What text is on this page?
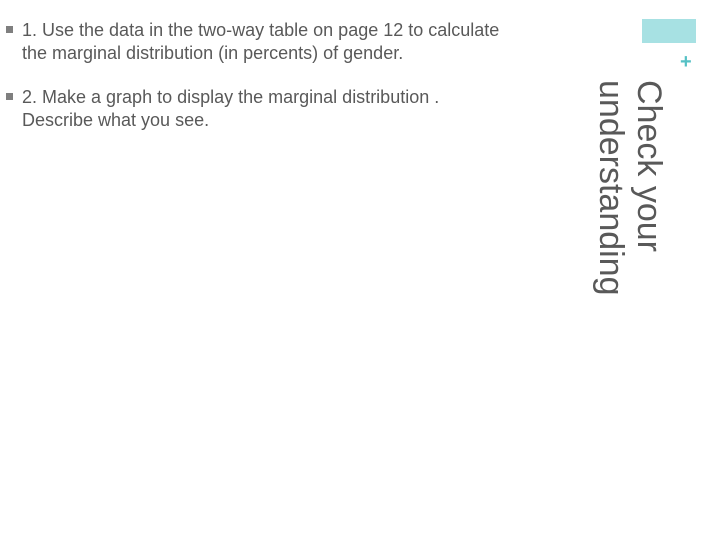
1. Use the data in the two-way table on page 12 to calculate
the marginal distribution (in percents) of gender.
2. Make a graph to display the marginal distribution .
Describe what you see.
+
Check your
understanding
